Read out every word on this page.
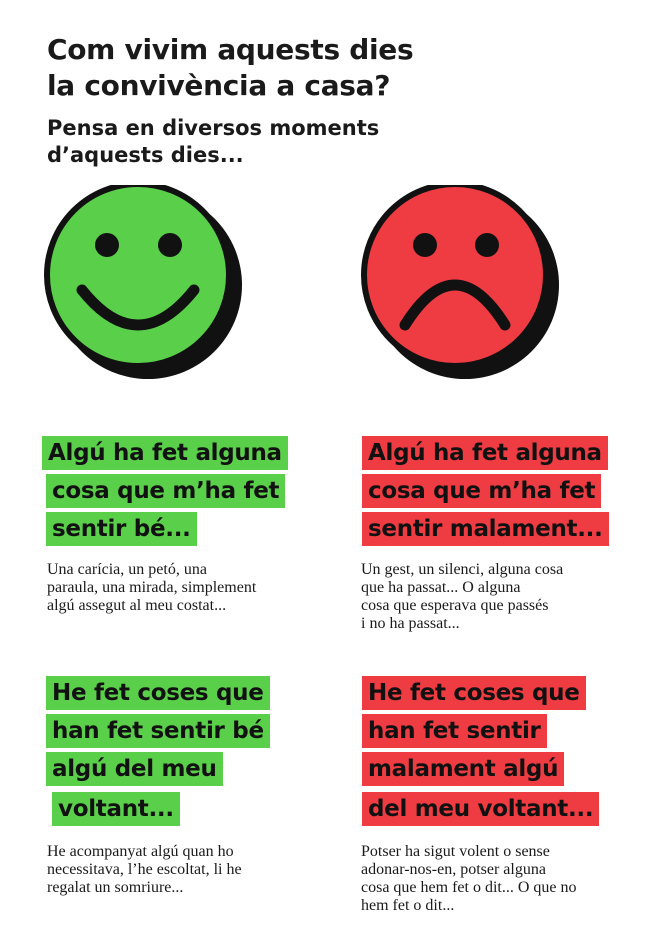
Com vivim aquests dies
la convivència a casa?
Pensa en diversos moments
d’aquests dies...
Algú ha fet alguna
cosa que m’ha fet
sentir bé...

Una carícia, un petó, una
paraula, una mirada, simplement
algú assegut al meu costat...

Algú ha fet alguna
cosa que m’ha fet
sentir malament...

Un gest, un silenci, alguna cosa
que ha passat... O alguna
cosa que esperava que passés
i no ha passat...

He fet coses que
han fet sentir bé
algú del meu
voltant...

He acompanyat algú quan ho
necessitava, l’he escoltat, li he
regalat un somriure...

He fet coses que
han fet sentir
malament algú
del meu voltant...

Potser ha sigut volent o sense
adonar-nos-en, potser alguna
cosa que hem fet o dit... O que no
hem fet o dit...
